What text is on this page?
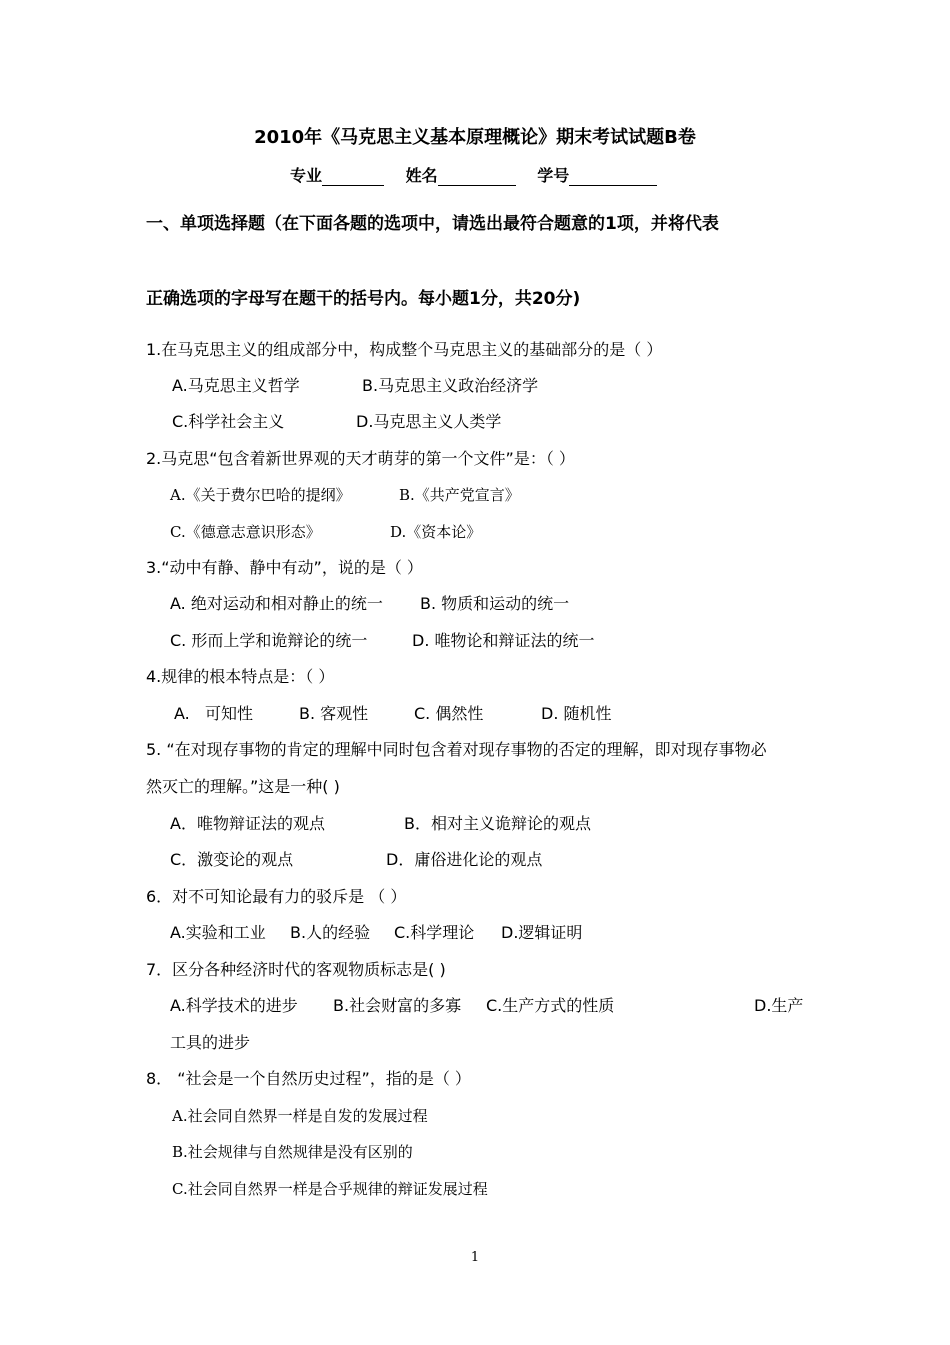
2010年《马克思主义基本原理概论》期末考试试题B卷
专业	姓名	学号
一、单项选择题（在下面各题的选项中，请选出最符合题意的1项，并将代表
正确选项的字母写在题干的括号内。每小题1分，共20分)
1.在马克思主义的组成部分中，构成整个马克思主义的基础部分的是（ ）
A.马克思主义哲学	B.马克思主义政治经济学
C.科学社会主义	D.马克思主义人类学
2.马克思“包含着新世界观的天才萌芽的第一个文件”是：（ ）
A.《关于费尔巴哈的提纲》	B.《共产党宣言》
C.《德意志意识形态》	D.《资本论》
3.“动中有静、静中有动”，说的是（ ）
A. 绝对运动和相对静止的统一 B. 物质和运动的统一
C. 形而上学和诡辩论的统一	D. 唯物论和辩证法的统一
4.规律的根本特点是：（ ）
A.   可知性	B. 客观性	C. 偶然性	D. 随机性
5. “在对现存事物的肯定的理解中同时包含着对现存事物的否定的理解，即对现存事物必
然灭亡的理解。”这是一种( )
A．唯物辩证法的观点	B．相对主义诡辩论的观点
C．激变论的观点	D．庸俗进化论的观点
6．对不可知论最有力的驳斥是 （ ）
A.实验和工业 B.人的经验 C.科学理论 D.逻辑证明
7．区分各种经济时代的客观物质标志是( )
A.科学技术的进步 B.社会财富的多寡 C.生产方式的性质	D.生产
工具的进步
8． “社会是一个自然历史过程”，指的是（ ）
A.社会同自然界一样是自发的发展过程
B.社会规律与自然规律是没有区别的
C.社会同自然界一样是合乎规律的辩证发展过程
1
